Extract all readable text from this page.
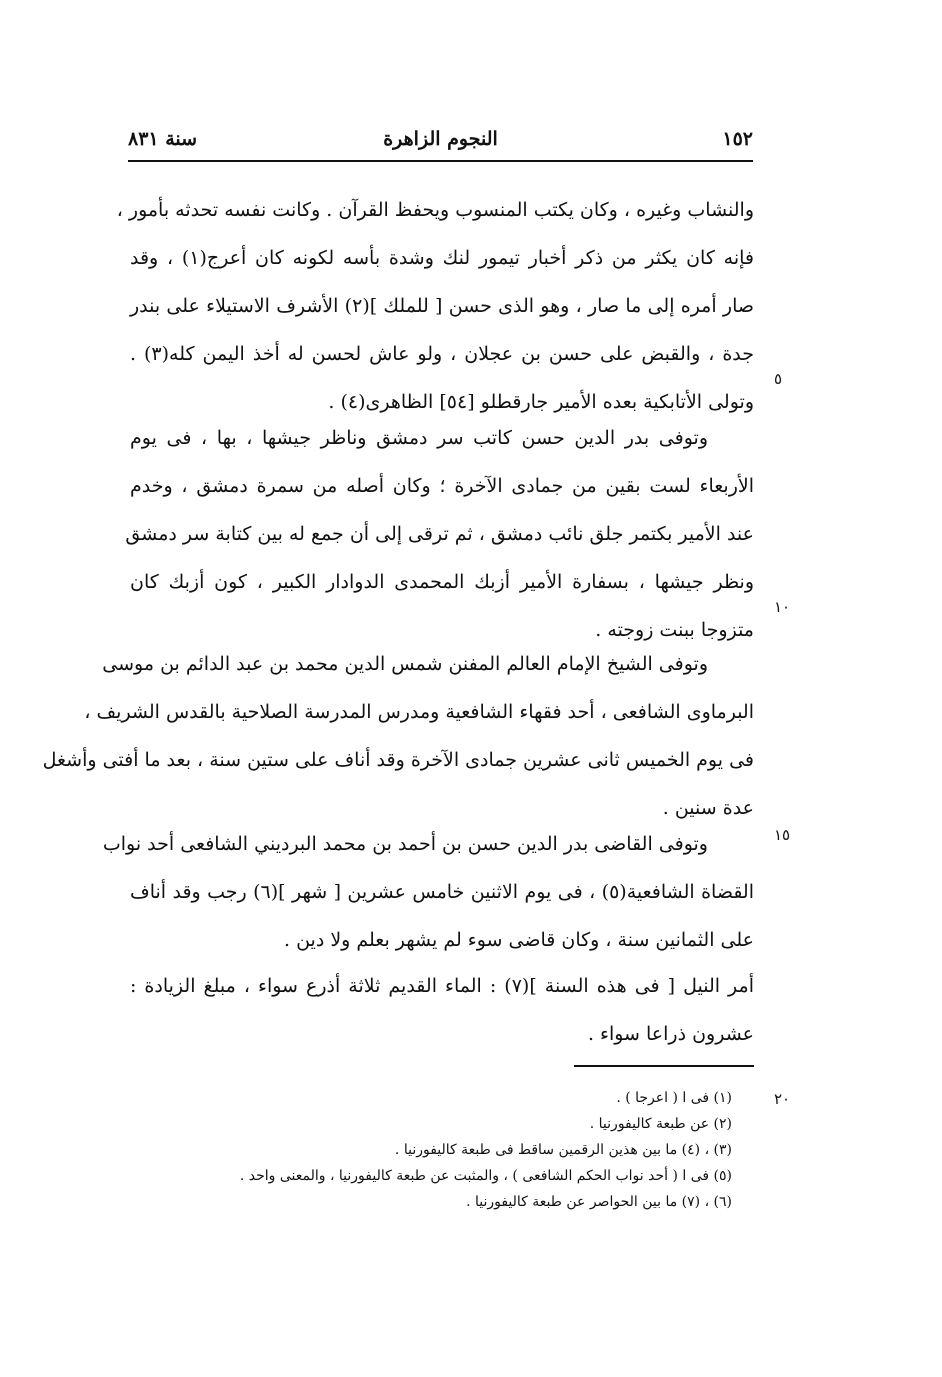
١٥٢
النجوم الزاهرة
سنة ٨٣١
والنشاب وغيره ، وكان يكتب المنسوب ويحفظ القرآن . وكانت نفسه تحدثه بأمور ،
فإنه كان يكثر من ذكر أخبار تيمور لنك وشدة بأسه لكونه كان أعرج(١) ، وقد
صار أمره إلى ما صار ، وهو الذى حسن [ للملك ](٢) الأشرف الاستيلاء على بندر
جدة ، والقبض على حسن بن عجلان ، ولو عاش لحسن له أخذ اليمن كله(٣) .
وتولى الأتابكية بعده الأمير جارقطلو [٥٤] الظاهرى(٤) .
٥
وتوفى بدر الدين حسن كاتب سر دمشق وناظر جيشها ، بها ، فى يوم
الأربعاء لست بقين من جمادى الآخرة ؛ وكان أصله من سمرة دمشق ، وخدم
عند الأمير بكتمر جلق نائب دمشق ، ثم ترقى إلى أن جمع له بين كتابة سر دمشق
ونظر جيشها ، بسفارة الأمير أزبك المحمدى الدوادار الكبير ، كون أزبك كان
متزوجا ببنت زوجته .
١٠
وتوفى الشيخ الإمام العالم المفنن شمس الدين محمد بن عبد الدائم بن موسى
البرماوى الشافعى ، أحد فقهاء الشافعية ومدرس المدرسة الصلاحية بالقدس الشريف ،
فى يوم الخميس ثانى عشرين جمادى الآخرة وقد أناف على ستين سنة ، بعد ما أفتى وأشغل
عدة سنين .
وتوفى القاضى بدر الدين حسن بن أحمد بن محمد البرديني الشافعى أحد نواب
القضاة الشافعية(٥) ، فى يوم الاثنين خامس عشرين [ شهر ](٦) رجب وقد أناف
على الثمانين سنة ، وكان قاضى سوء لم يشهر بعلم ولا دين .
١٥
أمر النيل [ فى هذه السنة ](٧) : الماء القديم ثلاثة أذرع سواء ، مبلغ الزيادة :
عشرون ذراعا سواء .
٢٠
(١) فى ا ( اعرجا ) .
(٢) عن طبعة كاليفورنيا .
(٣) ، (٤) ما بين هذين الرقمين ساقط فى طبعة كاليفورنيا .
(٥) فى ا ( أحد نواب الحكم الشافعى ) ، والمثبت عن طبعة كاليفورنيا ، والمعنى واحد .
(٦) ، (٧) ما بين الحواصر عن طبعة كاليفورنيا .
